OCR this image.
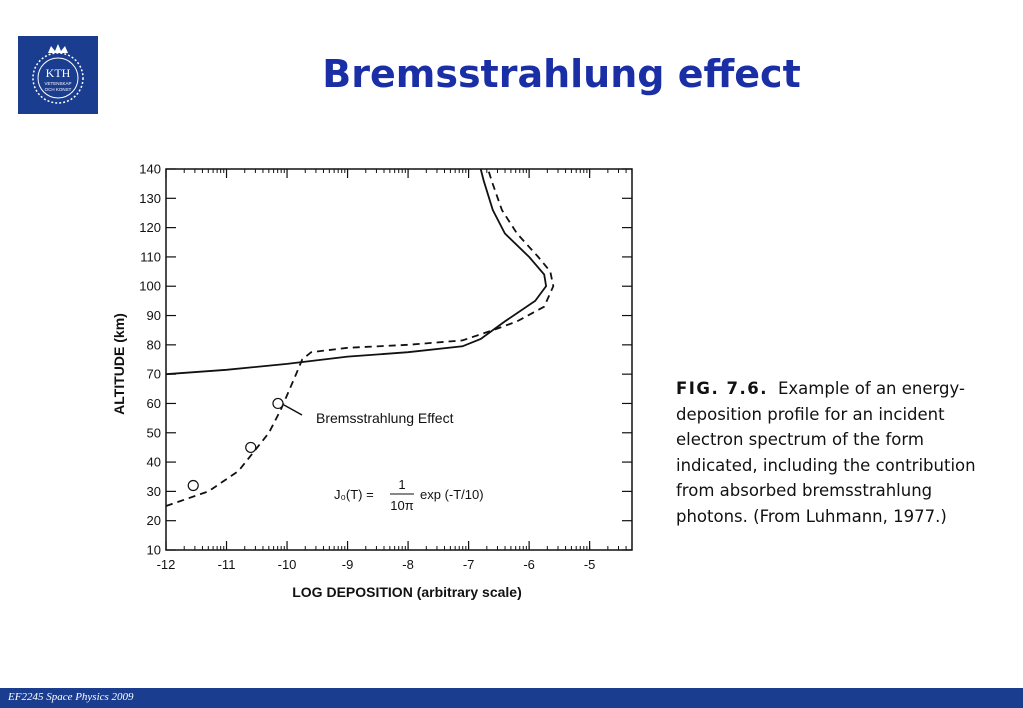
KTH
VETENSKAP
OCH KONST	Bremsstrahlung effect
-12	-11	-10	-9	-8	-7	-6	-5
140
130
120
110
100
90
80
70
60
50
40
30
20
10
Bremsstrahlung Effect
J₀(T) =
1
10π
exp (-T/10)
LOG DEPOSITION (arbitrary scale)
ALTITUDE (km)	FIG. 7.6. Example of an energy-deposition profile for an incident electron spectrum of the form indicated, including the contribution from absorbed bremsstrahlung photons. (From Luhmann, 1977.)
EF2245 Space Physics 2009
